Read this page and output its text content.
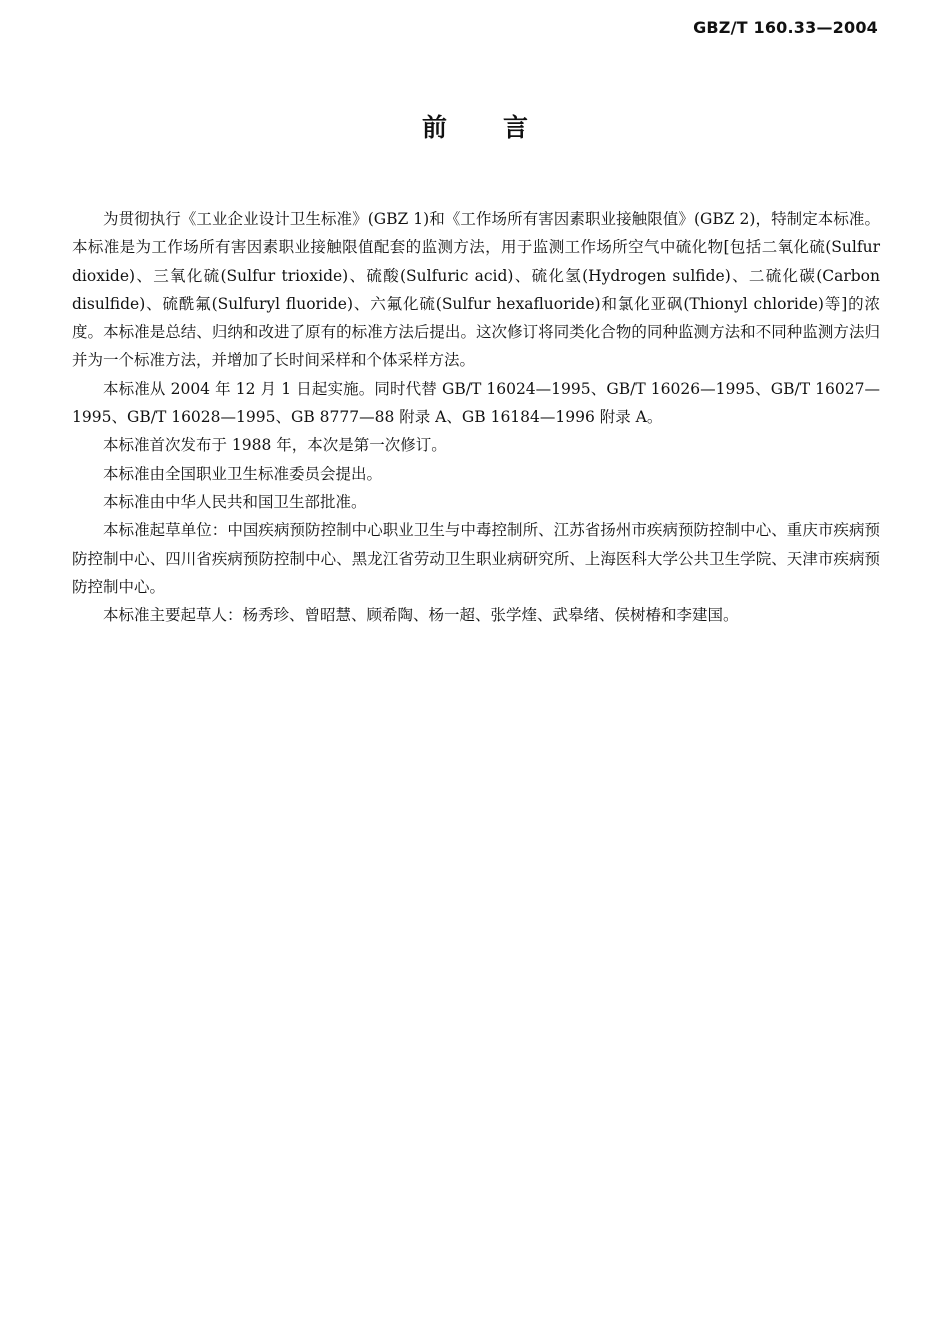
GBZ/T 160.33—2004
前言

为贯彻执行《工业企业设计卫生标准》(GBZ 1)和《工作场所有害因素职业接触限值》(GBZ 2)，特制定本标准。本标准是为工作场所有害因素职业接触限值配套的监测方法，用于监测工作场所空气中硫化物[包括二氧化硫(Sulfur dioxide)、三氧化硫(Sulfur trioxide)、硫酸(Sulfuric acid)、硫化氢(Hydrogen sulfide)、二硫化碳(Carbon disulfide)、硫酰氟(Sulfuryl fluoride)、六氟化硫(Sulfur hexafluoride)和氯化亚砜(Thionyl chloride)等]的浓度。本标准是总结、归纳和改进了原有的标准方法后提出。这次修订将同类化合物的同种监测方法和不同种监测方法归并为一个标准方法，并增加了长时间采样和个体采样方法。

本标准从 2004 年 12 月 1 日起实施。同时代替 GB/T 16024—1995、GB/T 16026—1995、GB/T 16027—1995、GB/T 16028—1995、GB 8777—88 附录 A、GB 16184—1996 附录 A。

本标准首次发布于 1988 年，本次是第一次修订。

本标准由全国职业卫生标准委员会提出。

本标准由中华人民共和国卫生部批准。

本标准起草单位：中国疾病预防控制中心职业卫生与中毒控制所、江苏省扬州市疾病预防控制中心、重庆市疾病预防控制中心、四川省疾病预防控制中心、黑龙江省劳动卫生职业病研究所、上海医科大学公共卫生学院、天津市疾病预防控制中心。

本标准主要起草人：杨秀珍、曾昭慧、顾希陶、杨一超、张学煃、武皋绪、侯树椿和李建国。
